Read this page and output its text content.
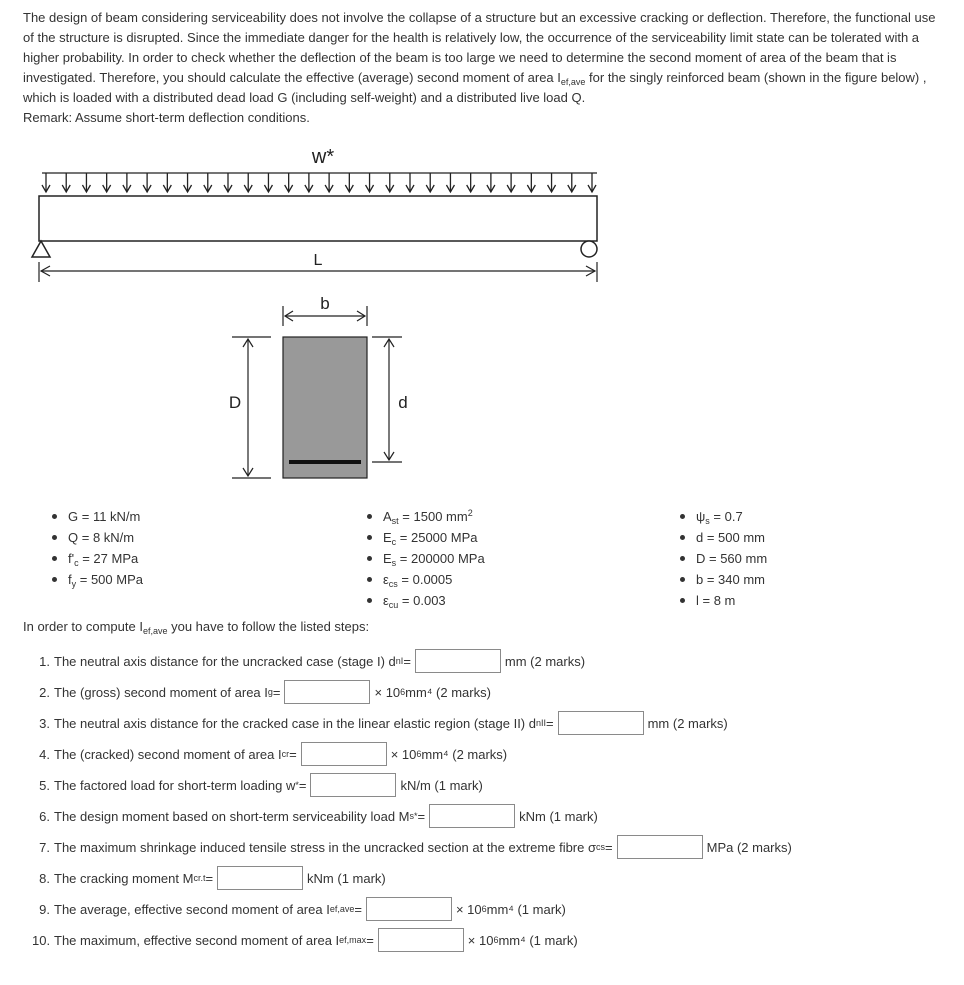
The design of beam considering serviceability does not involve the collapse of a structure but an excessive cracking or deflection. Therefore, the functional use of the structure is disrupted. Since the immediate danger for the health is relatively low, the occurrence of the serviceability limit state can be tolerated with a higher probability. In order to check whether the deflection of the beam is too large we need to determine the second moment of area of the beam that is investigated. Therefore, you should calculate the effective (average) second moment of area $I_{ef,ave}$ for the singly reinforced beam (shown in the figure below) , which is loaded with a distributed dead load G (including self-weight) and a distributed live load Q.
Remark: Assume short-term deflection conditions.
w*
L
b
D	d
G = 11 kN/m
Q = 8 kN/m
$f'_c = 27$ MPa
$f_y = 500$ MPa
$A_{st} = 1500$ $mm^2$
$E_c = 25000$ MPa
$E_s = 200000$ MPa
$\varepsilon_{cs} = 0.0005$
$\varepsilon_{cu} = 0.003$
$\psi_s = 0.7$
d = 500 mm
D = 560 mm
b = 340 mm
l = 8 m
In order to compute $I_{ef,ave}$ you have to follow the listed steps:
1. The neutral axis distance for the uncracked case (stage I) d nI =	mm (2 marks)
2. The (gross) second moment of area I g =	× 10 6 mm⁴ (2 marks)
3. The neutral axis distance for the cracked case in the linear elastic region (stage II) d nII =	mm (2 marks)
4. The (cracked) second moment of area I cr =	× 10 6 mm⁴ (2 marks)
5. The factored load for short-term loading w * =	kN/m (1 mark)
6. The design moment based on short-term serviceability load M s * =	kNm (1 mark)
7. The maximum shrinkage induced tensile stress in the uncracked section at the extreme fibre σ cs =	MPa (2 marks)
8. The cracking moment M cr.t =	kNm (1 mark)
9. The average, effective second moment of area I ef,ave =	× 10 6 mm⁴ (1 mark)
10. The maximum, effective second moment of area I ef,max =	× 10 6 mm⁴ (1 mark)
